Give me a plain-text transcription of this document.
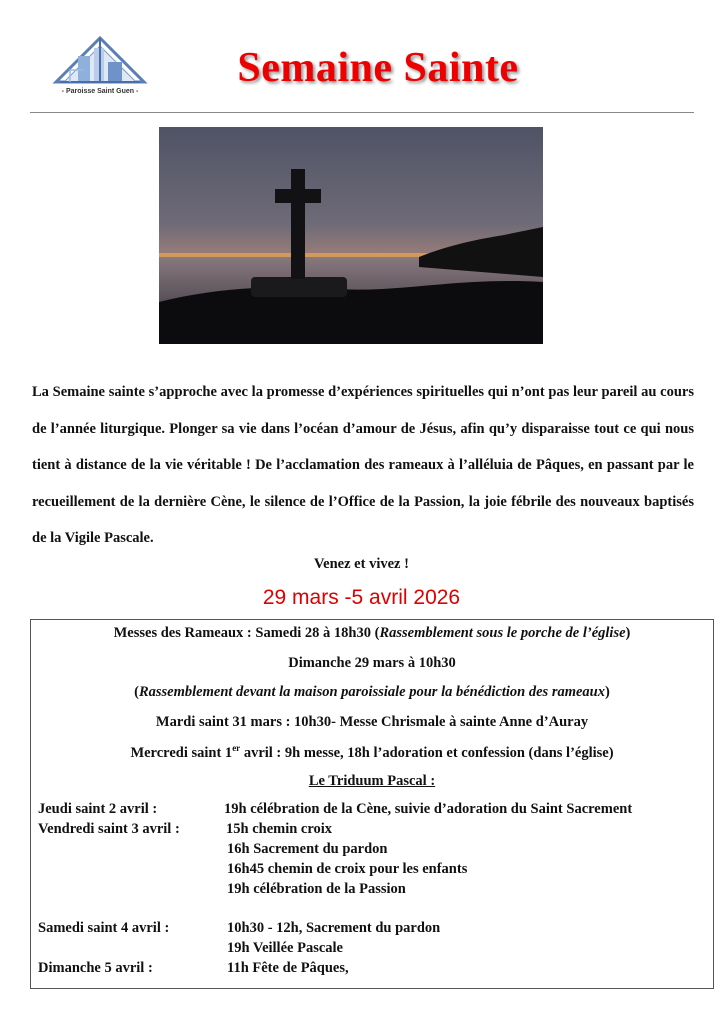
- Paroisse Saint Guen -
Semaine Sainte
La Semaine sainte s’approche avec la promesse d’expériences spirituelles qui n’ont pas leur pareil au cours de l’année liturgique. Plonger sa vie dans l’océan d’amour de Jésus, afin qu’y disparaisse tout ce qui nous tient à distance de la vie véritable ! De l’acclamation des rameaux à l’alléluia de Pâques, en passant par le recueillement de la dernière Cène, le silence de l’Office de la Passion, la joie fébrile des nouveaux baptisés de la Vigile Pascale.
Venez et vivez !
29 mars -5 avril 2026
Messes des Rameaux : Samedi 28 à 18h30 (Rassemblement sous le porche de l’église)
Dimanche 29 mars à 10h30
(Rassemblement devant la maison paroissiale pour la bénédiction des rameaux)
Mardi saint 31 mars : 10h30- Messe Chrismale à sainte Anne d’Auray
Mercredi saint 1er avril : 9h messe, 18h l’adoration et confession (dans l’église)
Le Triduum Pascal :
Jeudi saint 2 avril :	19h célébration de la Cène, suivie d’adoration du Saint Sacrement
Vendredi saint 3 avril :	15h chemin croix
16h Sacrement du pardon
16h45 chemin de croix pour les enfants
19h célébration de la Passion
Samedi saint 4 avril :	10h30 - 12h, Sacrement du pardon
19h Veillée Pascale
Dimanche 5 avril :	11h Fête de Pâques,
